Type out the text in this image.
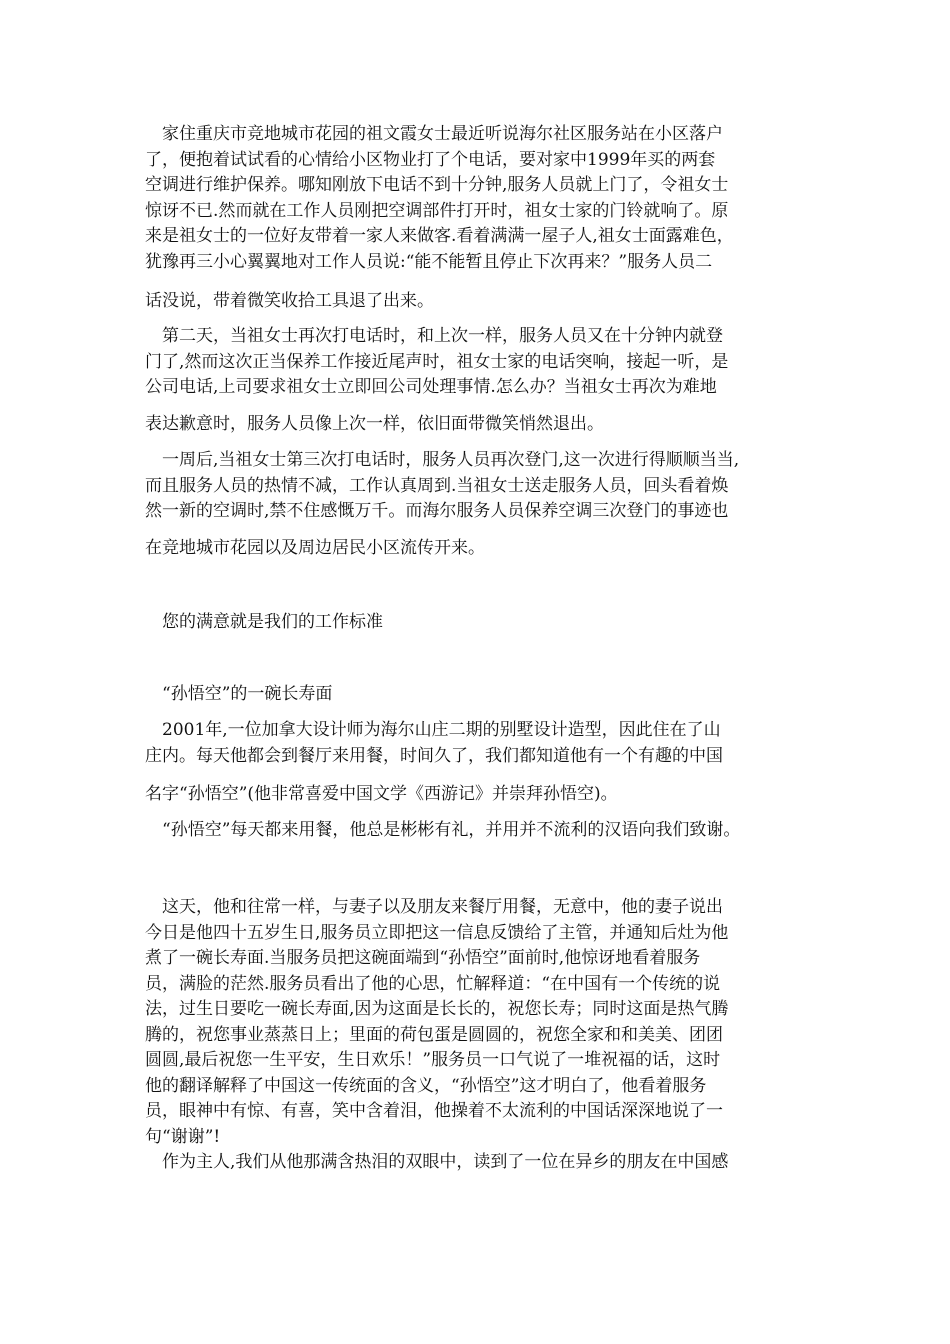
　家住重庆市竞地城市花园的祖文霞女士最近听说海尔社区服务站在小区落户
了，便抱着试试看的心情给小区物业打了个电话，要对家中1999年买的两套
空调进行维护保养。哪知刚放下电话不到十分钟,服务人员就上门了，令祖女士
惊讶不已.然而就在工作人员刚把空调部件打开时，祖女士家的门铃就响了。原
来是祖女士的一位好友带着一家人来做客.看着满满一屋子人,祖女士面露难色，
犹豫再三小心翼翼地对工作人员说:“能不能暂且停止下次再来？”服务人员二
话没说，带着微笑收拾工具退了出来。
　第二天，当祖女士再次打电话时，和上次一样，服务人员又在十分钟内就登
门了,然而这次正当保养工作接近尾声时，祖女士家的电话突响，接起一听，是
公司电话,上司要求祖女士立即回公司处理事情.怎么办？当祖女士再次为难地
表达歉意时，服务人员像上次一样，依旧面带微笑悄然退出。
　一周后,当祖女士第三次打电话时，服务人员再次登门,这一次进行得顺顺当当,
而且服务人员的热情不减，工作认真周到.当祖女士送走服务人员，回头看着焕
然一新的空调时,禁不住感慨万千。而海尔服务人员保养空调三次登门的事迹也
在竞地城市花园以及周边居民小区流传开来。
　您的满意就是我们的工作标准
　“孙悟空”的一碗长寿面
　2001年,一位加拿大设计师为海尔山庄二期的别墅设计造型，因此住在了山
庄内。每天他都会到餐厅来用餐，时间久了，我们都知道他有一个有趣的中国
名字“孙悟空”(他非常喜爱中国文学《西游记》并崇拜孙悟空)。
　“孙悟空”每天都来用餐，他总是彬彬有礼，并用并不流利的汉语向我们致谢。
　这天，他和往常一样，与妻子以及朋友来餐厅用餐，无意中，他的妻子说出
今日是他四十五岁生日,服务员立即把这一信息反馈给了主管，并通知后灶为他
煮了一碗长寿面.当服务员把这碗面端到“孙悟空”面前时,他惊讶地看着服务
员，满脸的茫然.服务员看出了他的心思，忙解释道：“在中国有一个传统的说
法，过生日要吃一碗长寿面,因为这面是长长的，祝您长寿；同时这面是热气腾
腾的，祝您事业蒸蒸日上；里面的荷包蛋是圆圆的，祝您全家和和美美、团团
圆圆,最后祝您一生平安，生日欢乐！”服务员一口气说了一堆祝福的话，这时
他的翻译解释了中国这一传统面的含义，“孙悟空”这才明白了，他看着服务
员，眼神中有惊、有喜，笑中含着泪，他操着不太流利的中国话深深地说了一
句“谢谢”!
　作为主人,我们从他那满含热泪的双眼中，读到了一位在异乡的朋友在中国感
